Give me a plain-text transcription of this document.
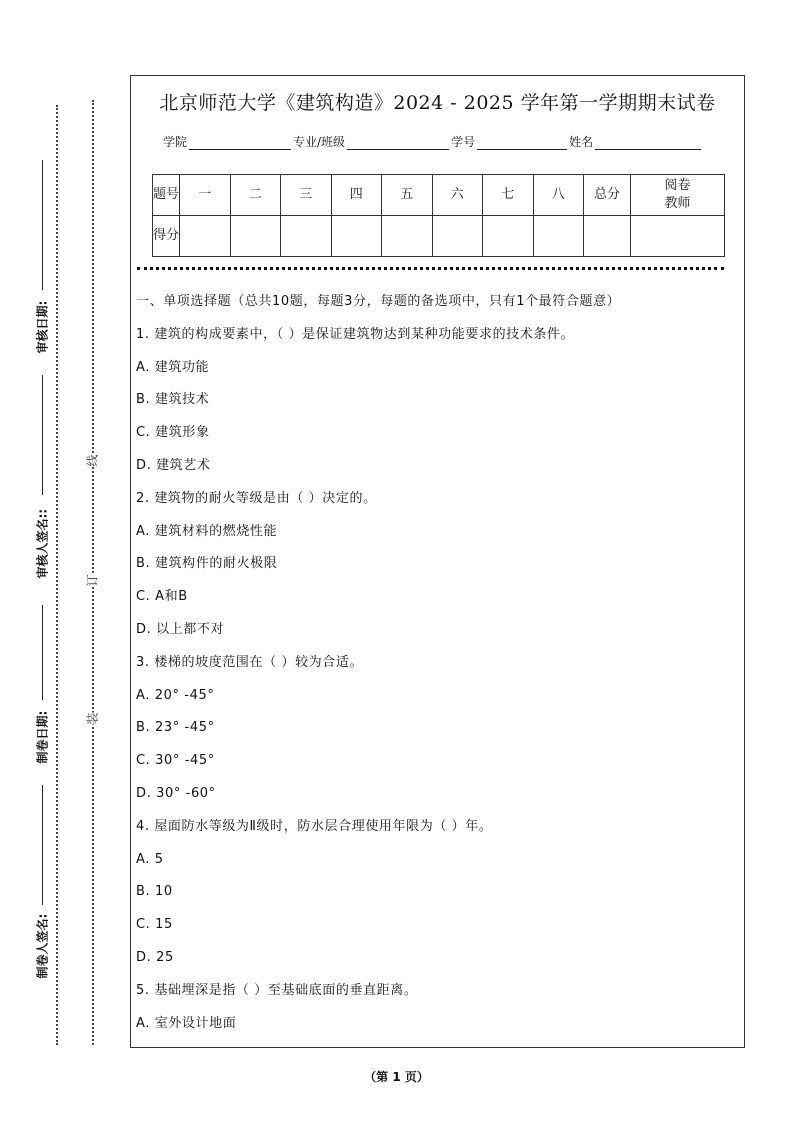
审核日期:
审核人签名::
制卷日期:
制卷人签名:
线
订
装
北京师范大学《建筑构造》2024 - 2025 学年第一学期期末试卷
学院	专业/班级	学号	姓名
题号	一	二	三	四	五	六	七	八	总分	阅卷教师
得分										
一、单项选择题（总共10题，每题3分，每题的备选项中，只有1个最符合题意）
1. 建筑的构成要素中，（ ）是保证建筑物达到某种功能要求的技术条件。
A. 建筑功能
B. 建筑技术
C. 建筑形象
D. 建筑艺术
2. 建筑物的耐火等级是由（ ）决定的。
A. 建筑材料的燃烧性能
B. 建筑构件的耐火极限
C. A和B
D. 以上都不对
3. 楼梯的坡度范围在（ ）较为合适。
A. 20° -45°
B. 23° -45°
C. 30° -45°
D. 30° -60°
4. 屋面防水等级为Ⅱ级时，防水层合理使用年限为（ ）年。
A. 5
B. 10
C. 15
D. 25
5. 基础埋深是指（ ）至基础底面的垂直距离。
A. 室外设计地面
（第 1 页）
